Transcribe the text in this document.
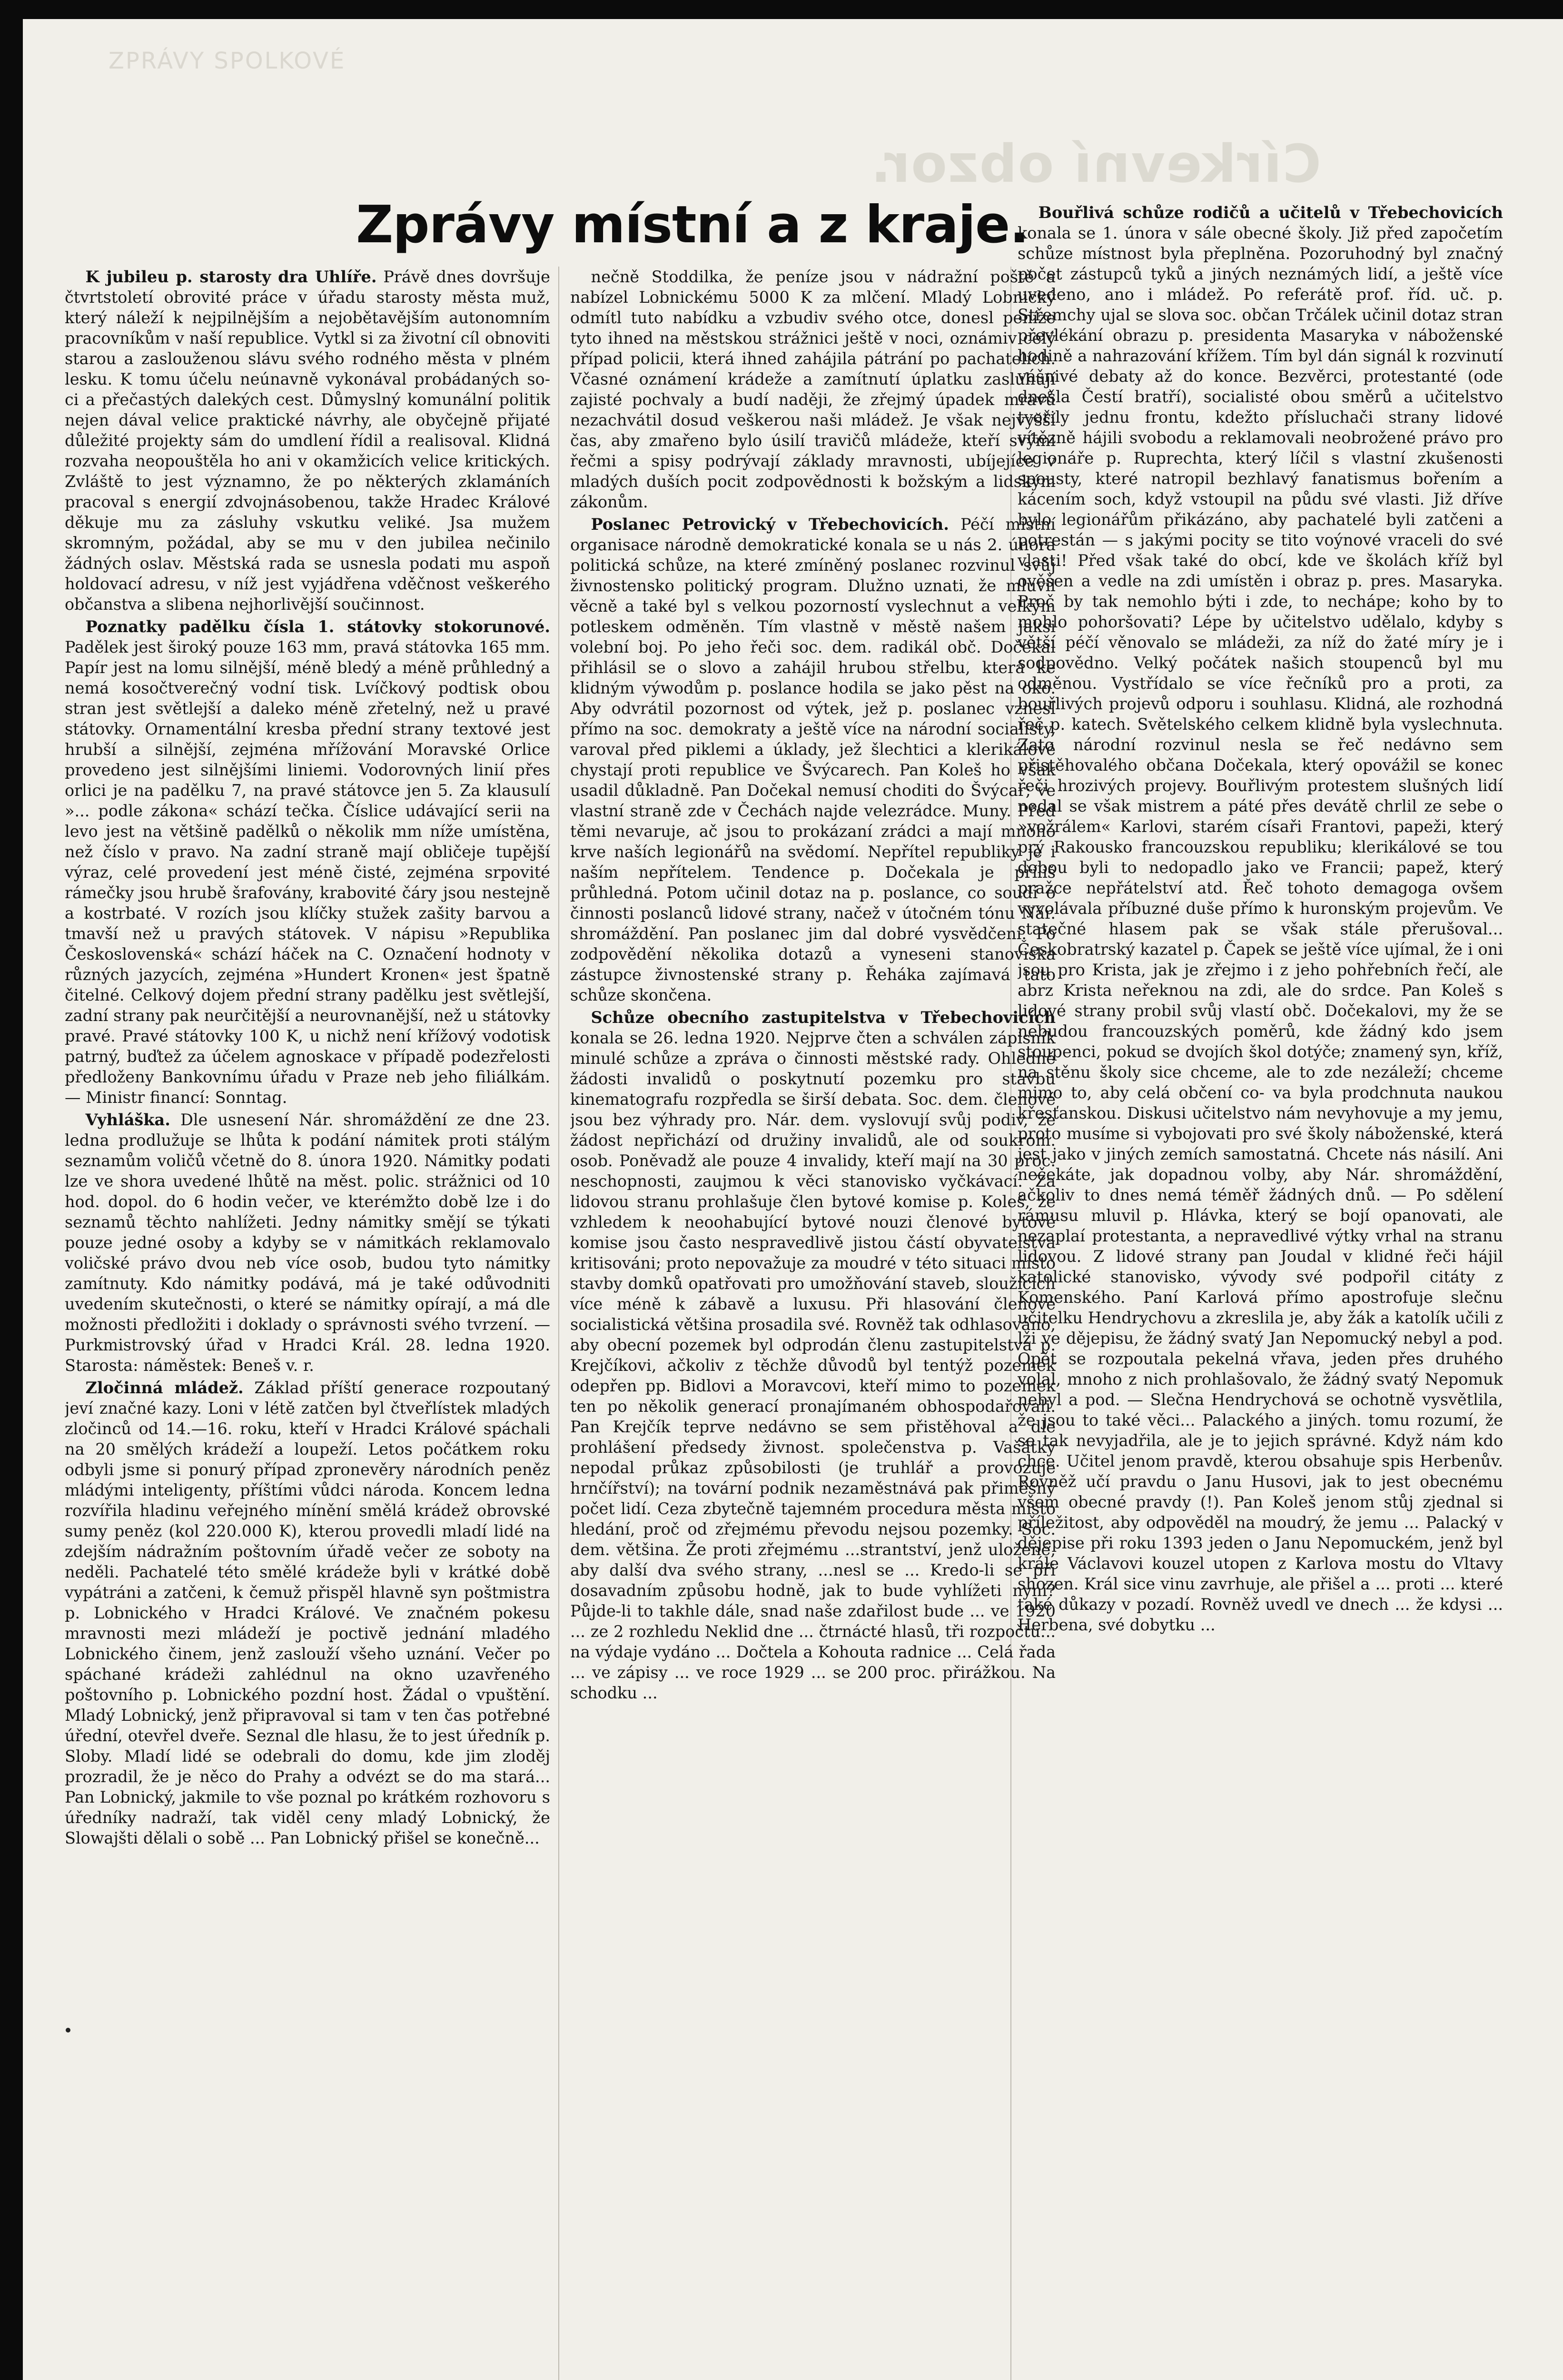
ZPRÁVY SPOLKOVÉ
Církevní obzor.
Zprávy místní a z kraje.

K jubileu p. starosty dra Uhlíře. Právě dnes dovršuje čtvrtstoletí obrovité práce v úřadu starosty města muž, který náleží k nejpilnějším a nejobětavějším autonomním pracovníkům v naší republice. Vytkl si za životní cíl obnoviti starou a zaslouženou slávu svého rodného města v plném lesku. K tomu účelu neúnavně vykonával probádaných so- ci a přečastých dalekých cest. Důmyslný komunální politik nejen dával velice praktické návrhy, ale obyčejně přijaté důležité projekty sám do umdlení řídil a realisoval. Klidná rozvaha neopouštěla ho ani v okamžicích velice kritických. Zvláště to jest významno, že po některých zklamáních pracoval s energií zdvojnásobenou, takže Hradec Králové děkuje mu za zásluhy vskutku veliké. Jsa mužem skromným, požádal, aby se mu v den jubilea nečinilo žádných oslav. Městská rada se usnesla podati mu aspoň holdovací adresu, v níž jest vyjádřena vděčnost veškerého občanstva a slibena nejhorlivější součinnost.

Poznatky padělku čísla 1. státovky stokorunové. Padělek jest široký pouze 163 mm, pravá státovka 165 mm. Papír jest na lomu silnější, méně bledý a méně průhledný a nemá kosočtverečný vodní tisk. Lvíčkový podtisk obou stran jest světlejší a daleko méně zřetelný, než u pravé státovky. Ornamentální kresba přední strany textové jest hrubší a silnější, zejména mřížování Moravské Orlice provedeno jest silnějšími liniemi. Vodorovných linií přes orlici je na padělku 7, na pravé státovce jen 5. Za klausulí »... podle zákona« schází tečka. Číslice udávající serii na levo jest na většině padělků o několik mm níže umístěna, než číslo v pravo. Na zadní straně mají obličeje tupější výraz, celé provedení jest méně čisté, zejména srpovité rámečky jsou hrubě šrafovány, krabovité čáry jsou nestejně a kostrbaté. V rozích jsou klíčky stužek zašity barvou a tmavší než u pravých státovek. V nápisu »Republika Československá« schází háček na C. Označení hodnoty v různých jazycích, zejména »Hundert Kronen« jest špatně čitelné. Celkový dojem přední strany padělku jest světlejší, zadní strany pak neurčitější a neurovnanější, než u státovky pravé. Pravé státovky 100 K, u nichž není křížový vodotisk patrný, buďtež za účelem agnoskace v případě podezřelosti předloženy Bankovnímu úřadu v Praze neb jeho filiálkám. — Ministr financí: Sonntag.

Vyhláška. Dle usnesení Nár. shromáždění ze dne 23. ledna prodlužuje se lhůta k podání námitek proti stálým seznamům voličů včetně do 8. února 1920. Námitky podati lze ve shora uvedené lhůtě na měst. polic. strážnici od 10 hod. dopol. do 6 hodin večer, ve kterémžto době lze i do seznamů těchto nahlížeti. Jedny námitky smějí se týkati pouze jedné osoby a kdyby se v námitkách reklamovalo voličské právo dvou neb více osob, budou tyto námitky zamítnuty. Kdo námitky podává, má je také odůvodniti uvedením skutečnosti, o které se námitky opírají, a má dle možnosti předložiti i doklady o správnosti svého tvrzení. — Purkmistrovský úřad v Hradci Král. 28. ledna 1920. Starosta: náměstek: Beneš v. r.

Zločinná mládež. Základ příští generace rozpoutaný jeví značné kazy. Loni v létě zatčen byl čtveřlístek mladých zločinců od 14.—16. roku, kteří v Hradci Králové spáchali na 20 smělých krádeží a loupeží. Letos počátkem roku odbyli jsme si ponurý případ zpronevěry národních peněz mládými inteligenty, příštími vůdci národa. Koncem ledna rozvířila hladinu veřejného mínění smělá krádež obrovské sumy peněz (kol 220.000 K), kterou provedli mladí lidé na zdejším nádražním poštovním úřadě večer ze soboty na neděli. Pachatelé této smělé krádeže byli v krátké době vypátráni a zatčeni, k čemuž přispěl hlavně syn poštmistra p. Lobnického v Hradci Králové. Ve značném pokesu mravnosti mezi mládeží je poctivě jednání mladého Lobnického činem, jenž zaslouží všeho uznání. Večer po spáchané krádeži zahlédnul na okno uzavřeného poštovního p. Lobnického pozdní host. Žádal o vpuštění. Mladý Lobnický, jenž připravoval si tam v ten čas potřebné úřední, otevřel dveře. Seznal dle hlasu, že to jest úředník p. Sloby. Mladí lidé se odebrali do domu, kde jim zloděj prozradil, že je něco do Prahy a odvézt se do ma stará... Pan Lobnický, jakmile to vše poznal po krátkém rozhovoru s úředníky nadraží, tak viděl ceny mladý Lobnický, že Slowajšti dělali o sobě ... Pan Lobnický přišel se konečně...

nečně Stoddilka, že peníze jsou v nádražní poště a nabízel Lobnickému 5000 K za mlčení. Mladý Lobnický odmítl tuto nabídku a vzbudiv svého otce, donesl peníze tyto ihned na městskou strážnici ještě v noci, oznámiv celý případ policii, která ihned zahájila pátrání po pachatelích. Včasné oznámení krádeže a zamítnutí úplatku zasluhují zajisté pochvaly a budí naději, že zřejmý úpadek mravů nezachvátil dosud veškerou naši mládež. Je však nejvyšší čas, aby zmařeno bylo úsilí travičů mládeže, kteří svými řečmi a spisy podrývají základy mravnosti, ubíjejíce v mladých duších pocit zodpovědnosti k božským a lidským zákonům.

Poslanec Petrovický v Třebechovicích. Péčí místní organisace národně demokratické konala se u nás 2. února politická schůze, na které zmíněný poslanec rozvinul svůj živnostensko politický program. Dlužno uznati, že mluvil věcně a také byl s velkou pozorností vyslechnut a velkým potleskem odměněn. Tím vlastně v městě našem jaksi volební boj. Po jeho řeči soc. dem. radikál obč. Dočekal přihlásil se o slovo a zahájil hrubou střelbu, která ke klidným výwodům p. poslance hodila se jako pěst na oko. Aby odvrátil pozornost od výtek, jež p. poslanec vznesl přímo na soc. demokraty a ještě více na národní socialisty, varoval před piklemi a úklady, jež šlechtici a klerikálové chystají proti republice ve Švýcarech. Pan Koleš ho však usadil důkladně. Pan Dočekal nemusí choditi do Švýcar; ve vlastní straně zde v Čechách najde velezrádce. Muny. Před těmi nevaruje, ač jsou to prokázaní zrádci a mají mnoho krve naších legionářů na svědomí. Nepřítel republiky je i naším nepřítelem. Tendence p. Dočekala je příliš průhledná. Potom učinil dotaz na p. poslance, co soudí o činnosti poslanců lidové strany, načež v útočném tónu Nár. shromáždění. Pan poslanec jim dal dobré vysvědčení. Po zodpovědění několika dotazů a vyneseni stanoviska zástupce živnostenské strany p. Řeháka zajímavá tato schůze skončena.

Schůze obecního zastupitelstva v Třebechovicích konala se 26. ledna 1920. Nejprve čten a schválen zápisník minulé schůze a zpráva o činnosti městské rady. Ohledně žádosti invalidů o poskytnutí pozemku pro stavbu kinematografu rozpředla se širší debata. Soc. dem. členové jsou bez výhrady pro. Nár. dem. vyslovují svůj podiv, že žádost nepřichází od družiny invalidů, ale od soukrom. osob. Poněvadž ale pouze 4 invalidy, kteří mají na 30 proc. neschopnosti, zaujmou k věci stanovisko vyčkávací. Za lidovou stranu prohlašuje člen bytové komise p. Koleš, že vzhledem k neoohabující bytové nouzi členové bytové komise jsou často nespravedlivě jistou částí obyvatelstva kritisováni; proto nepovažuje za moudré v této situaci místo stavby domků opatřovati pro umožňování staveb, sloužících více méně k zábavě a luxusu. Při hlasování členové socialistická většina prosadila své. Rovněž tak odhlasováno, aby obecní pozemek byl odprodán členu zastupitelstva p. Krejčíkovi, ačkoliv z těchže důvodů byl tentýž pozemek odepřen pp. Bidlovi a Moravcovi, kteří mimo to pozemek ten po několik generací pronajímaném obhospodařovali. Pan Krejčík teprve nedávno se sem přistěhoval a dle prohlášení předsedy živnost. společenstva p. Vašátky nepodal průkaz způsobilosti (je truhlář a provozuje hrnčířství); na tovární podnik nezaměstnává pak přiměšný počet lidí. Ceza zbytečně tajemném procedura města místo hledání, proč od zřejmému převodu nejsou pozemky. Soc. dem. většina. Že proti zřejmému ...strantství, jenž uložené, aby další dva svého strany, ...nesl se ... Kredo-li se při dosavadním způsobu hodně, jak to bude vyhlížeti nyní? Půjde-li to takhle dále, snad naše zdařilost bude ... ve 1920 ... ze 2 rozhledu Neklid dne ... čtrnácté hlasů, tři rozpočtu... na výdaje vydáno ... Dočtela a Kohouta radnice ... Celá řada ... ve zápisy ... ve roce 1929 ... se 200 proc. přirážkou. Na schodku ...

Bouřlivá schůze rodičů a učitelů v Třebechovicích konala se 1. února v sále obecné školy. Již před započetím schůze místnost byla přeplněna. Pozoruhodný byl značný počet zástupců tyků a jiných neznámých lidí, a ještě více uvedeno, ano i mládež. Po referátě prof. říd. uč. p. Střemchy ujal se slova soc. občan Trčálek učinil dotaz stran převlékání obrazu p. presidenta Masaryka v náboženské hodině a nahrazování křížem. Tím byl dán signál k rozvinutí vášnivé debaty až do konce. Bezvěrci, protestanté (ode dnešla Čestí bratří), socialisté obou směrů a učitelstvo tvořily jednu frontu, kdežto přísluchači strany lidové vítězně hájili svobodu a reklamovali neobrožené právo pro legionáře p. Ruprechta, který líčil s vlastní zkušenosti spousty, které natropil bezhlavý fanatismus bořením a kácením soch, když vstoupil na půdu své vlasti. Již dříve bylo legionářům přikázáno, aby pachatelé byli zatčeni a potrestán — s jakými pocity se tito voýnové vraceli do své vlasti! Před však také do obcí, kde ve školách kříž byl ověšen a vedle na zdi umístěn i obraz p. pres. Masaryka. Proč by tak nemohlo býti i zde, to nechápe; koho by to mohlo pohoršovati? Lépe by učitelstvo udělalo, kdyby s větší péčí věnovalo se mládeži, za níž do žaté míry je i sodpovědno. Velký počátek našich stoupenců byl mu odměnou. Vystřídalo se více řečníků pro a proti, za bouřlivých projevů odporu i souhlasu. Klidná, ale rozhodná řeč p. katech. Světelského celkem klidně byla vyslechnuta. Zato národní rozvinul nesla se řeč nedávno sem přistěhovalého občana Dočekala, který opovážil se konec řeči hrozivých projevy. Bouřlivým protestem slušných lidí nedal se však mistrem a páté přes devátě chrlil ze sebe o »vožrálem« Karlovi, starém císaři Frantovi, papeži, který prý Rakousko francouzskou republiku; klerikálové se tou dobou byli to nedopadlo jako ve Francii; papež, který pražce nepřátelství atd. Řeč tohoto demagoga ovšem vyvolávala příbuzné duše přímo k huronským projevům. Ve statečné hlasem pak se však stále přerušoval... Českobratrský kazatel p. Čapek se ještě více ujímal, že i oni jsou pro Krista, jak je zřejmo i z jeho pohřebních řečí, ale abrz Krista neřeknou na zdi, ale do srdce. Pan Koleš s lidové strany probil svůj vlastí obč. Dočekalovi, my že se nebudou francouzských poměrů, kde žádný kdo jsem stoupenci, pokud se dvojích škol dotýče; znamený syn, kříž, na stěnu školy sice chceme, ale to zde nezáleží; chceme mimo to, aby celá občení co- va byla prodchnuta naukou křesťanskou. Diskusi učitelstvo nám nevyhovuje a my jemu, proto musíme si vybojovati pro své školy náboženské, která jest jako v jiných zemích samostatná. Chcete nás násilí. Ani nečekáte, jak dopadnou volby, aby Nár. shromáždění, ačkoliv to dnes nemá téměř žádných dnů. — Po sdělení rámusu mluvil p. Hlávka, který se bojí opanovati, ale nezaplaí protestanta, a nepravedlivé výtky vrhal na stranu lidovou. Z lidové strany pan Joudal v klidné řeči hájil katolické stanovisko, vývody své podpořil citáty z Komenského. Paní Karlová přímo apostrofuje slečnu učitelku Hendrychovu a zkreslila je, aby žák a katolík učili z lži ve dějepisu, že žádný svatý Jan Nepomucký nebyl a pod. Opět se rozpoutala pekelná vřava, jeden přes druhého volal, mnoho z nich prohlašovalo, že žádný svatý Nepomuk nebyl a pod. — Slečna Hendrychová se ochotně vysvětlila, že jsou to také věci... Palackého a jiných. tomu rozumí, že se tak nevyjadřila, ale je to jejich správné. Když nám kdo chce. Učitel jenom pravdě, kterou obsahuje spis Herbenův. Rovněž učí pravdu o Janu Husovi, jak to jest obecnému všem obecné pravdy (!). Pan Koleš jenom stůj zjednal si příležitost, aby odpověděl na moudrý, že jemu ... Palacký v dějepise při roku 1393 jeden o Janu Nepomuckém, jenž byl krále Václavovi kouzel utopen z Karlova mostu do Vltavy shozen. Král sice vinu zavrhuje, ale přišel a ... proti ... které také důkazy v pozadí. Rovněž uvedl ve dnech ... že kdysi ... Herbena, své dobytku ...
